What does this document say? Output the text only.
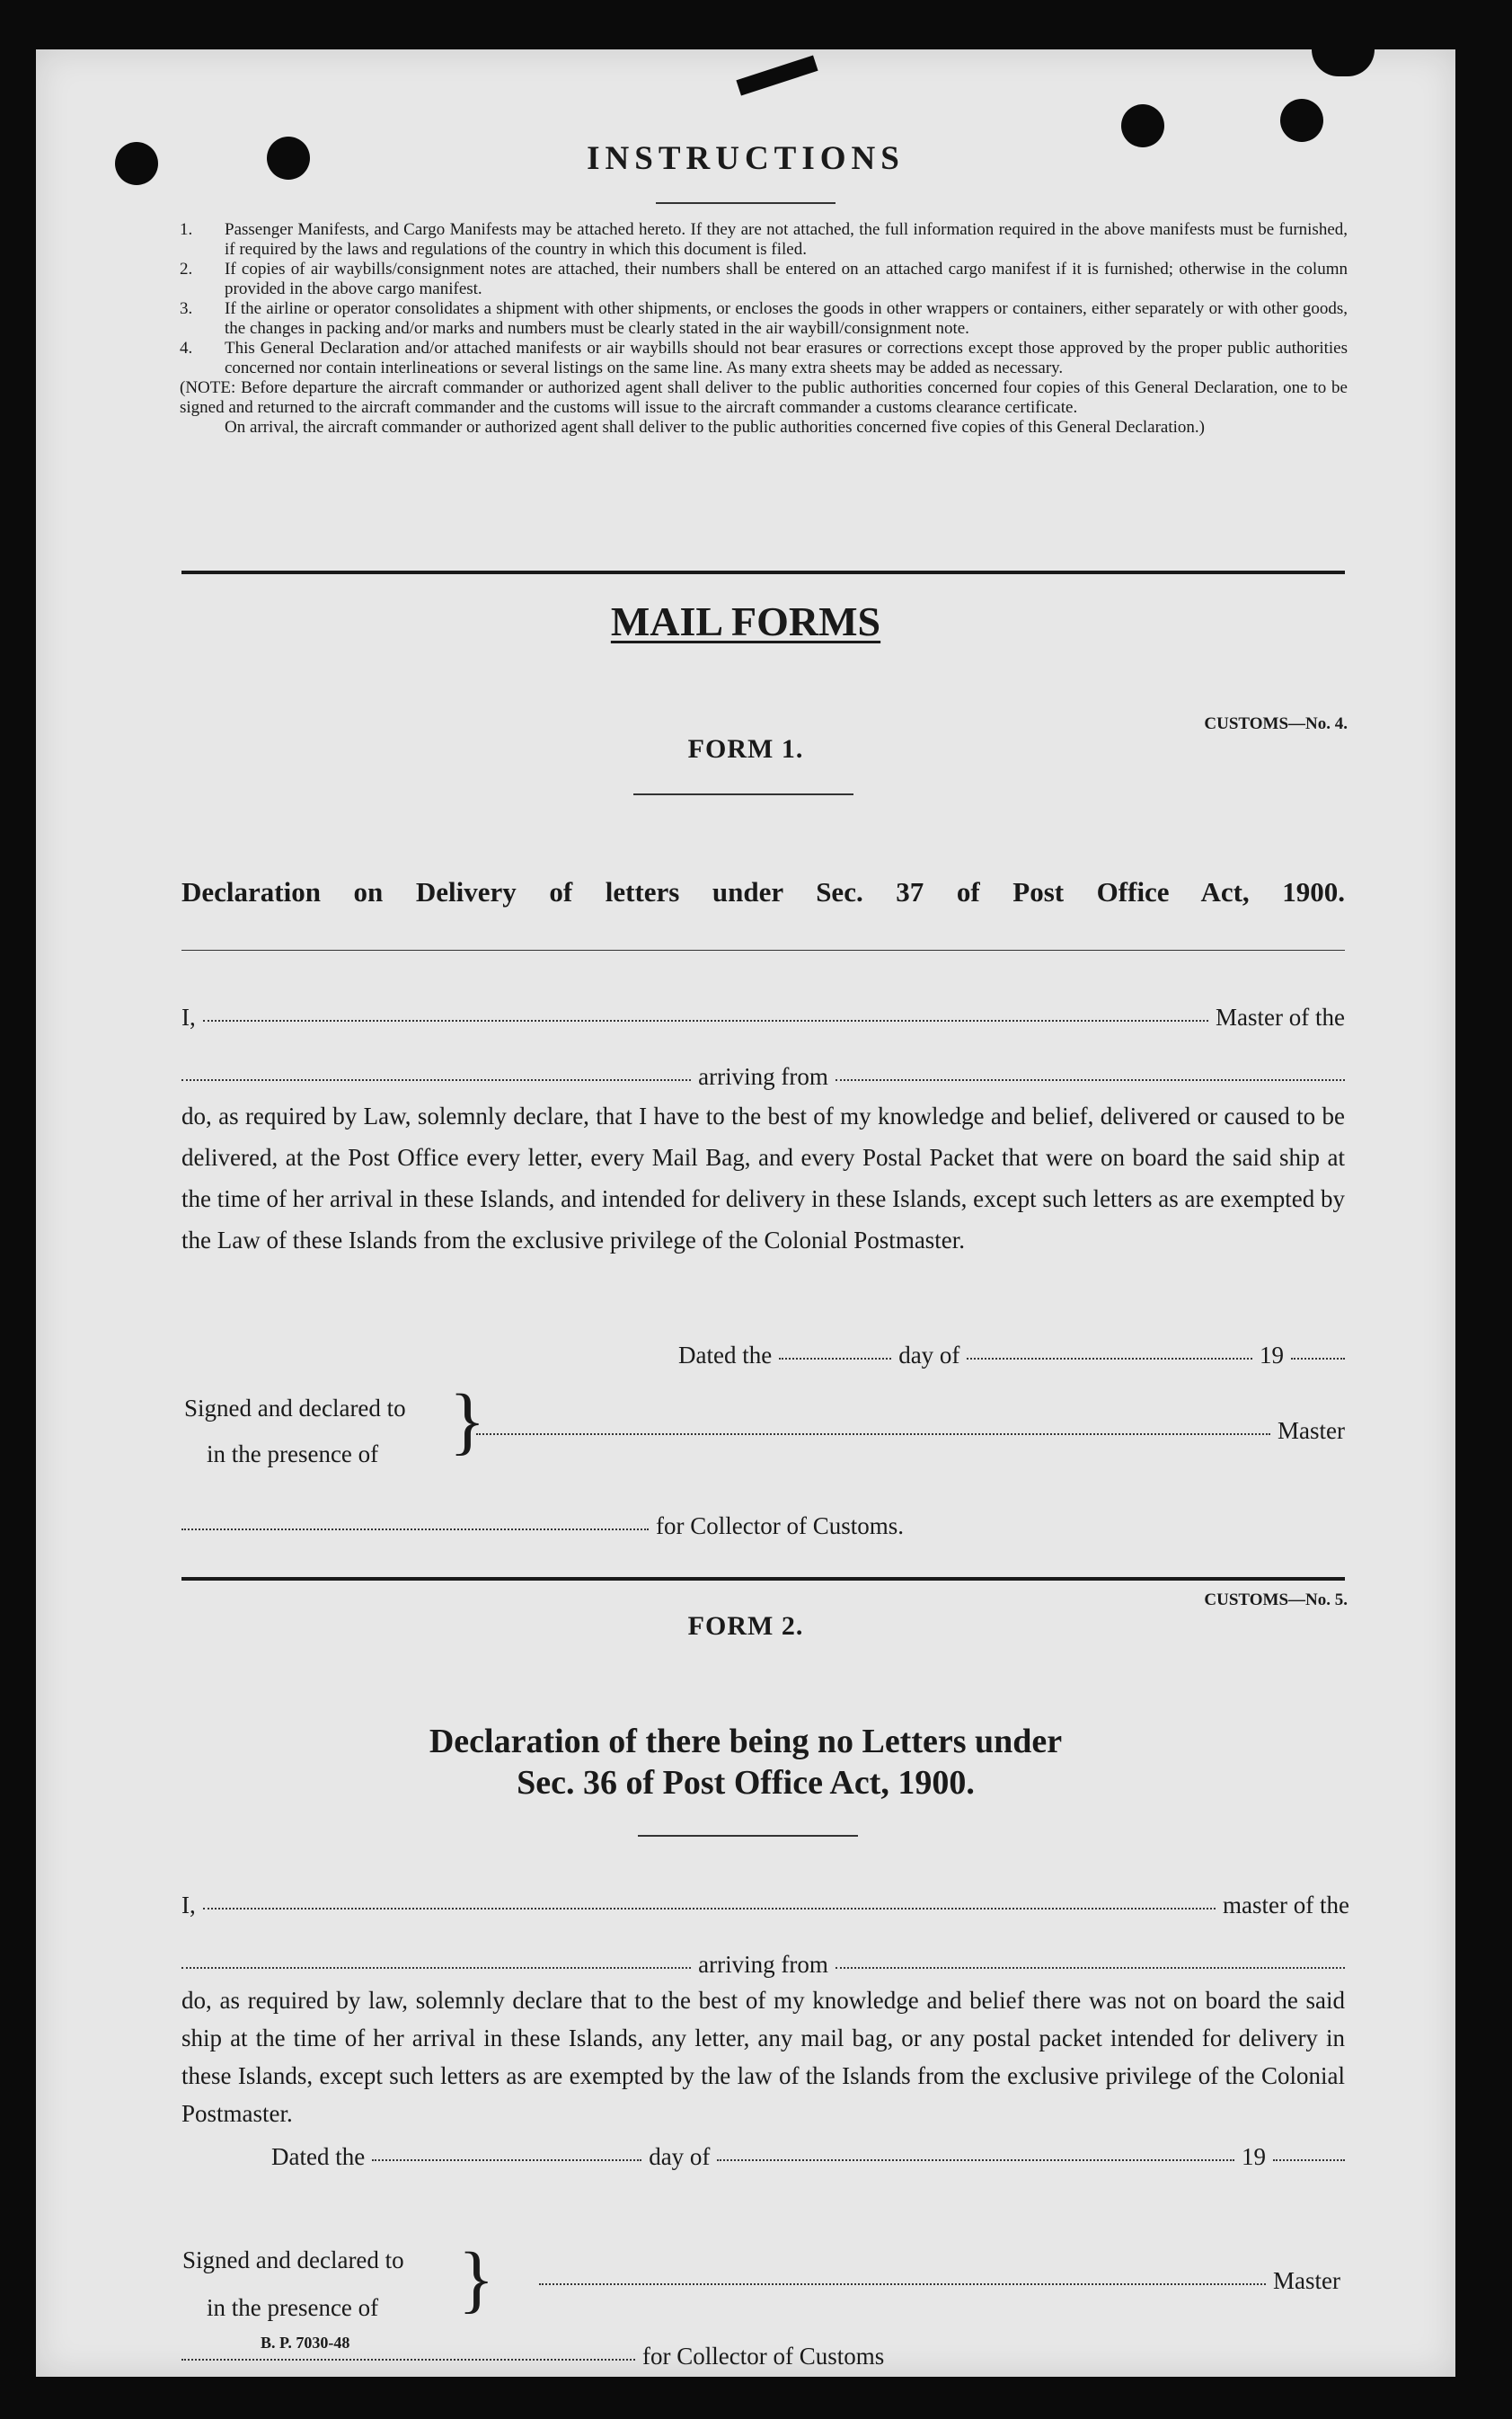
INSTRUCTIONS
1. Passenger Manifests, and Cargo Manifests may be attached hereto. If they are not attached, the full information required in the above manifests must be furnished, if required by the laws and regulations of the country in which this document is filed.
2. If copies of air waybills/consignment notes are attached, their numbers shall be entered on an attached cargo manifest if it is furnished; otherwise in the column provided in the above cargo manifest.
3. If the airline or operator consolidates a shipment with other shipments, or encloses the goods in other wrappers or containers, either separately or with other goods, the changes in packing and/or marks and numbers must be clearly stated in the air waybill/consignment note.
4. This General Declaration and/or attached manifests or air waybills should not bear erasures or corrections except those approved by the proper public authorities concerned nor contain interlineations or several listings on the same line. As many extra sheets may be added as necessary.
(NOTE: Before departure the aircraft commander or authorized agent shall deliver to the public authorities concerned four copies of this General Declaration, one to be signed and returned to the aircraft commander and the customs will issue to the aircraft commander a customs clearance certificate.
On arrival, the aircraft commander or authorized agent shall deliver to the public authorities concerned five copies of this General Declaration.)
MAIL FORMS
CUSTOMS—No. 4.
FORM 1.
Declaration on Delivery of letters under Sec. 37 of Post Office Act, 1900.
I,	Master of the
arriving from
do, as required by Law, solemnly declare, that I have to the best of my knowledge and belief, delivered or caused to be delivered, at the Post Office every letter, every Mail Bag, and every Postal Packet that were on board the said ship at the time of her arrival in these Islands, and intended for delivery in these Islands, except such letters as are exempted by the Law of these Islands from the exclusive privilege of the Colonial Postmaster.
Dated the	day of	19
Signed and declared to
in the presence of }	Master
for Collector of Customs.
CUSTOMS—No. 5.
FORM 2.
Declaration of there being no Letters under
Sec. 36 of Post Office Act, 1900.
I,	master of the
arriving from
do, as required by law, solemnly declare that to the best of my knowledge and belief there was not on board the said ship at the time of her arrival in these Islands, any letter, any mail bag, or any postal packet intended for delivery in these Islands, except such letters as are exempted by the law of the Islands from the exclusive privilege of the Colonial Postmaster.
Dated the	day of	19
Signed and declared to
in the presence of }	Master
for Collector of Customs
B. P. 7030-48
